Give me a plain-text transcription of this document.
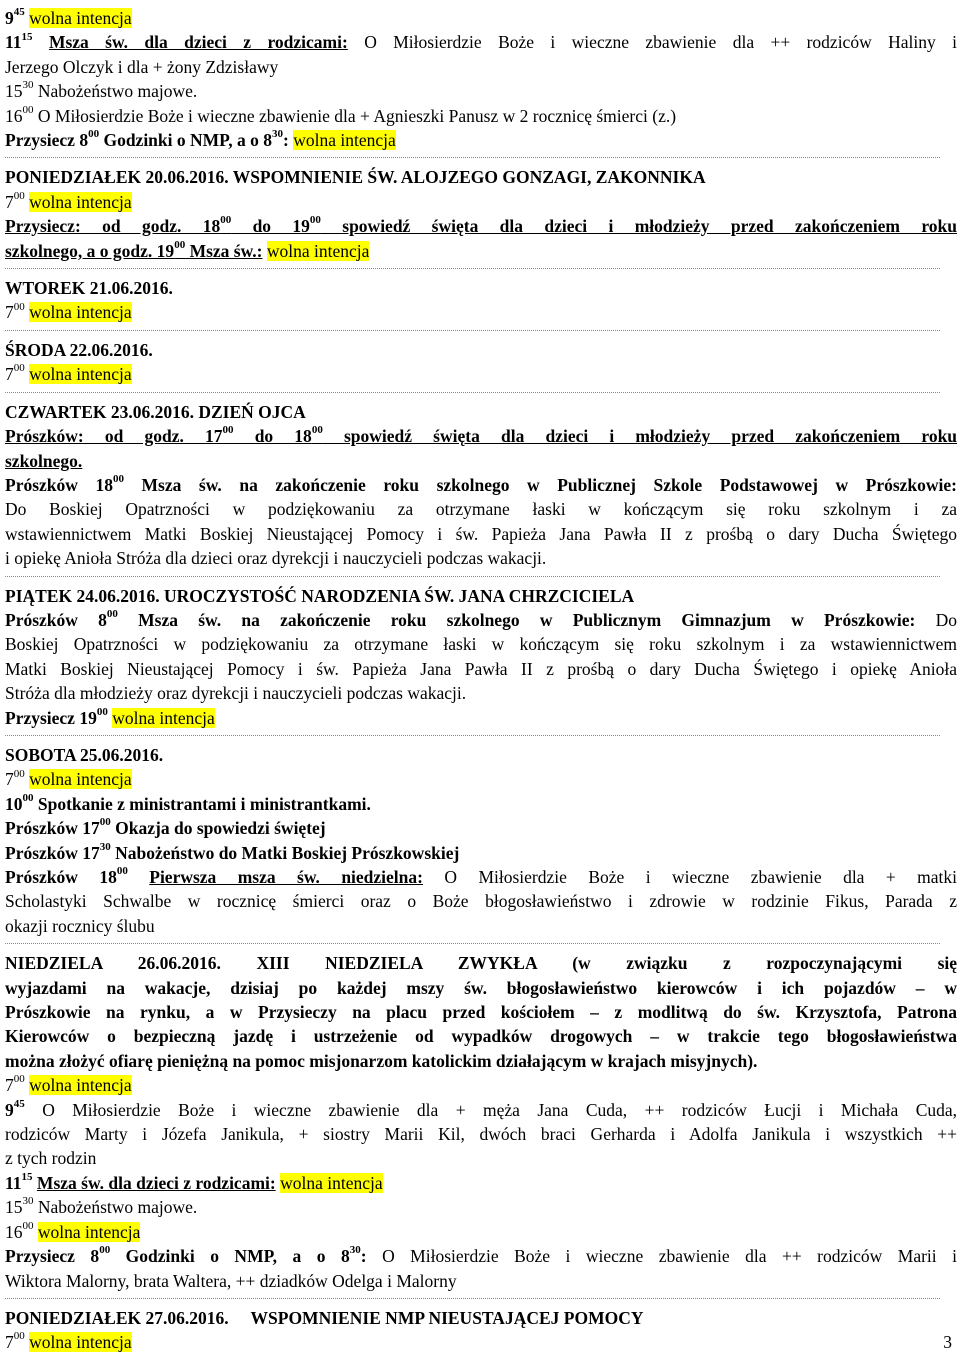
$9^{45}$ wolna intencja
$11^{15}$ Msza św. dla dzieci z rodzicami: O Miłosierdzie Boże i wieczne zbawienie dla ++ rodziców Haliny i
Jerzego Olczyk i dla + żony Zdzisławy
$15^{30}$ Nabożeństwo majowe.
$16^{00}$ O Miłosierdzie Boże i wieczne zbawienie dla + Agnieszki Panusz w 2 rocznicę śmierci (z.)
Przysiecz $8^{00}$ Godzinki o NMP, a o $8^{30}$: wolna intencja
PONIEDZIAŁEK 20.06.2016. WSPOMNIENIE ŚW. ALOJZEGO GONZAGI, ZAKONNIKA
$7^{00}$ wolna intencja
Przysiecz: od godz. $18^{00}$ do $19^{00}$ spowiedź święta dla dzieci i młodzieży przed zakończeniem roku
szkolnego, a o godz. $19^{00}$ Msza św.: wolna intencja
WTOREK 21.06.2016.
$7^{00}$ wolna intencja
ŚRODA 22.06.2016.
$7^{00}$ wolna intencja
CZWARTEK 23.06.2016. DZIEŃ OJCA
Prószków: od godz. $17^{00}$ do $18^{00}$ spowiedź święta dla dzieci i młodzieży przed zakończeniem roku
szkolnego.
Prószków $18^{00}$ Msza św. na zakończenie roku szkolnego w Publicznej Szkole Podstawowej w Prószkowie:
Do Boskiej Opatrzności w podziękowaniu za otrzymane łaski w kończącym się roku szkolnym i za
wstawiennictwem Matki Boskiej Nieustającej Pomocy i św. Papieża Jana Pawła II z prośbą o dary Ducha Świętego
i opiekę Anioła Stróża dla dzieci oraz dyrekcji i nauczycieli podczas wakacji.
PIĄTEK 24.06.2016. UROCZYSTOŚĆ NARODZENIA ŚW. JANA CHRZCICIELA
Prószków $8^{00}$ Msza św. na zakończenie roku szkolnego w Publicznym Gimnazjum w Prószkowie: Do
Boskiej Opatrzności w podziękowaniu za otrzymane łaski w kończącym się roku szkolnym i za wstawiennictwem
Matki Boskiej Nieustającej Pomocy i św. Papieża Jana Pawła II z prośbą o dary Ducha Świętego i opiekę Anioła
Stróża dla młodzieży oraz dyrekcji i nauczycieli podczas wakacji.
Przysiecz $19^{00}$ wolna intencja
SOBOTA 25.06.2016.
$7^{00}$ wolna intencja
$10^{00}$ Spotkanie z ministrantami i ministrantkami.
Prószków $17^{00}$ Okazja do spowiedzi świętej
Prószków $17^{30}$ Nabożeństwo do Matki Boskiej Prószkowskiej
Prószków $18^{00}$ Pierwsza msza św. niedzielna: O Miłosierdzie Boże i wieczne zbawienie dla + matki
Scholastyki Schwalbe w rocznicę śmierci oraz o Boże błogosławieństwo i zdrowie w rodzinie Fikus, Parada z
okazji rocznicy ślubu
NIEDZIELA 26.06.2016. XIII NIEDZIELA ZWYKŁA (w związku z rozpoczynającymi się
wyjazdami na wakacje, dzisiaj po każdej mszy św. błogosławieństwo kierowców i ich pojazdów – w
Prószkowie na rynku, a w Przysieczy na placu przed kościołem – z modlitwą do św. Krzysztofa, Patrona
Kierowców o bezpieczną jazdę i ustrzeżenie od wypadków drogowych – w trakcie tego błogosławieństwa
można złożyć ofiarę pieniężną na pomoc misjonarzom katolickim działającym w krajach misyjnych).
$7^{00}$ wolna intencja
$9^{45}$ O Miłosierdzie Boże i wieczne zbawienie dla + męża Jana Cuda, ++ rodziców Łucji i Michała Cuda,
rodziców Marty i Józefa Janikula, + siostry Marii Kil, dwóch braci Gerharda i Adolfa Janikula i wszystkich ++
z tych rodzin
$11^{15}$ Msza św. dla dzieci z rodzicami: wolna intencja
$15^{30}$ Nabożeństwo majowe.
$16^{00}$ wolna intencja
Przysiecz $8^{00}$ Godzinki o NMP, a o $8^{30}$: O Miłosierdzie Boże i wieczne zbawienie dla ++ rodziców Marii i
Wiktora Malorny, brata Waltera, ++ dziadków Odelga i Malorny
PONIEDZIAŁEK 27.06.2016. WSPOMNIENIE NMP NIEUSTAJĄCEJ POMOCY
$7^{00}$ wolna intencja	3
